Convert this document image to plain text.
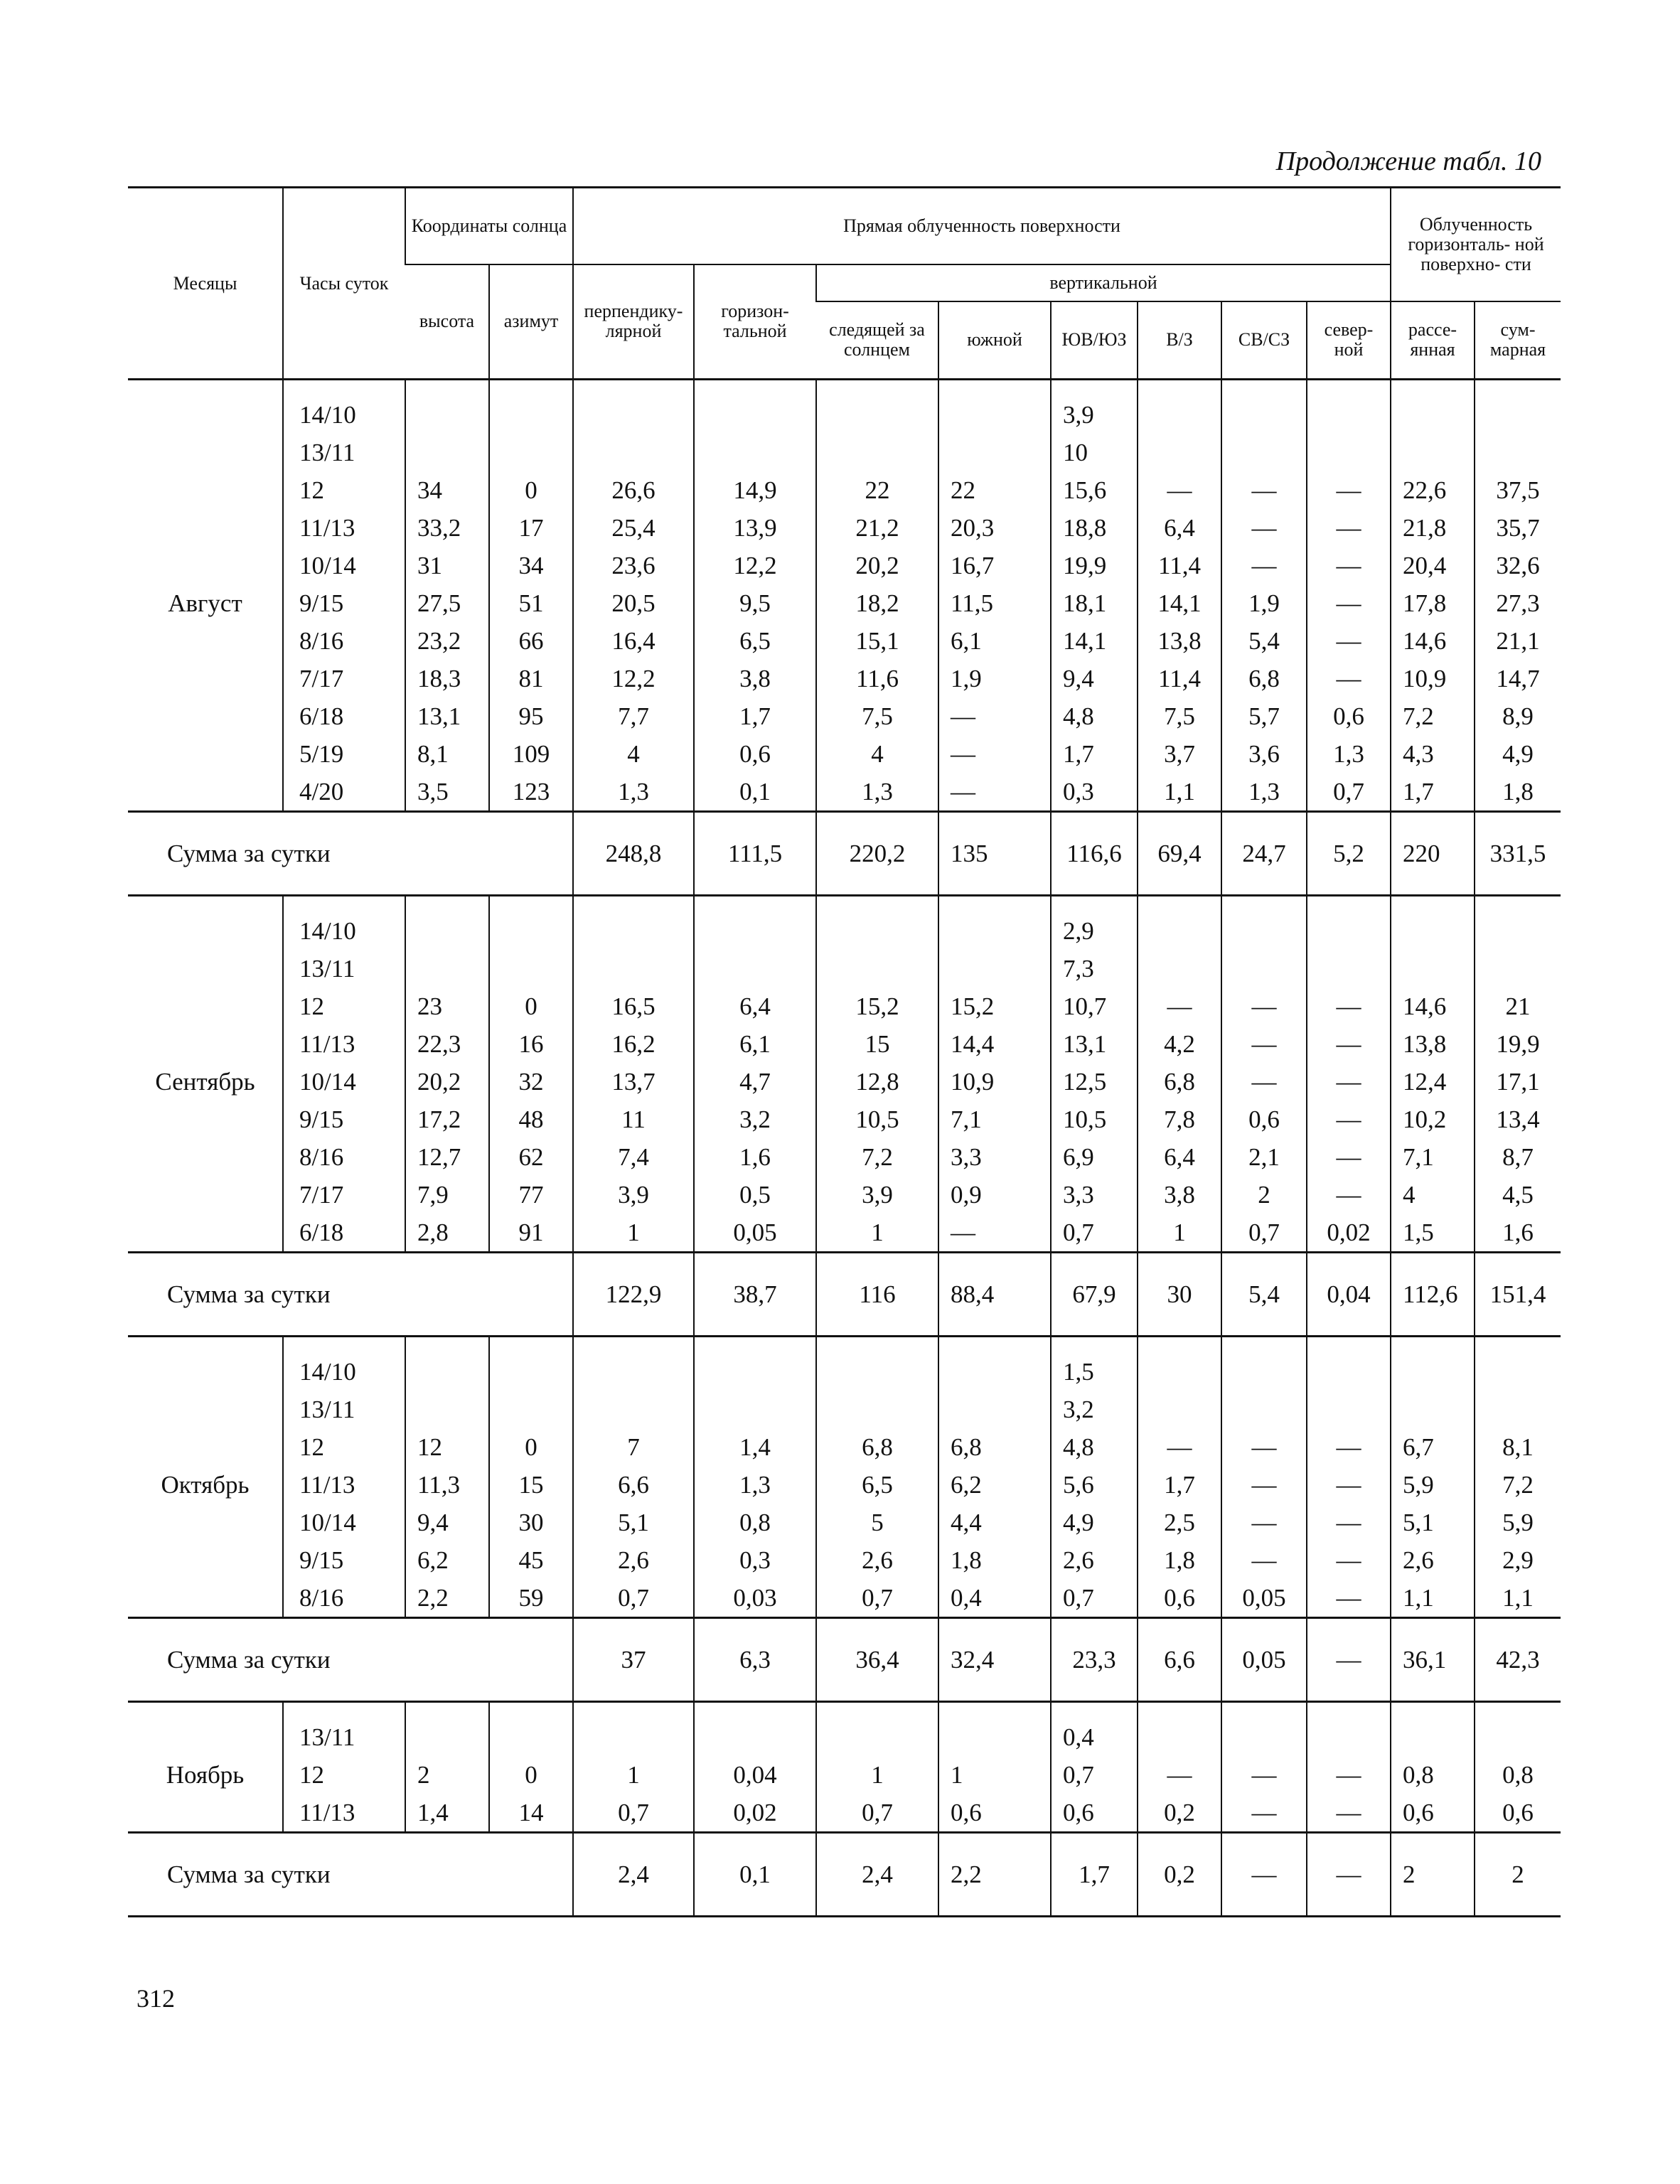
Продолжение табл. 10
Месяцы	Часы суток	Координаты солнца		Прямая облученность поверхности								Облученность горизонталь- ной поверхно- сти	
		высота	азимут	перпендику- лярной	горизон- тальной	вертикальной							
						следящей за солнцем	южной	ЮВ/ЮЗ	В/З	СВ/СЗ	север- ной	рассе- янная	сум- марная
Август	14/10							3,9					
	13/11							10					
	12	34	0	26,6	14,9	22	22	15,6	—	—	—	22,6	37,5
	11/13	33,2	17	25,4	13,9	21,2	20,3	18,8	6,4	—	—	21,8	35,7
	10/14	31	34	23,6	12,2	20,2	16,7	19,9	11,4	—	—	20,4	32,6
	9/15	27,5	51	20,5	9,5	18,2	11,5	18,1	14,1	1,9	—	17,8	27,3
	8/16	23,2	66	16,4	6,5	15,1	6,1	14,1	13,8	5,4	—	14,6	21,1
	7/17	18,3	81	12,2	3,8	11,6	1,9	9,4	11,4	6,8	—	10,9	14,7
	6/18	13,1	95	7,7	1,7	7,5	—	4,8	7,5	5,7	0,6	7,2	8,9
	5/19	8,1	109	4	0,6	4	—	1,7	3,7	3,6	1,3	4,3	4,9
	4/20	3,5	123	1,3	0,1	1,3	—	0,3	1,1	1,3	0,7	1,7	1,8
Сумма за сутки				248,8	111,5	220,2	135	116,6	69,4	24,7	5,2	220	331,5
Сентябрь	14/10							2,9					
	13/11							7,3					
	12	23	0	16,5	6,4	15,2	15,2	10,7	—	—	—	14,6	21
	11/13	22,3	16	16,2	6,1	15	14,4	13,1	4,2	—	—	13,8	19,9
	10/14	20,2	32	13,7	4,7	12,8	10,9	12,5	6,8	—	—	12,4	17,1
	9/15	17,2	48	11	3,2	10,5	7,1	10,5	7,8	0,6	—	10,2	13,4
	8/16	12,7	62	7,4	1,6	7,2	3,3	6,9	6,4	2,1	—	7,1	8,7
	7/17	7,9	77	3,9	0,5	3,9	0,9	3,3	3,8	2	—	4	4,5
	6/18	2,8	91	1	0,05	1	—	0,7	1	0,7	0,02	1,5	1,6
Сумма за сутки				122,9	38,7	116	88,4	67,9	30	5,4	0,04	112,6	151,4
Октябрь	14/10							1,5					
	13/11							3,2					
	12	12	0	7	1,4	6,8	6,8	4,8	—	—	—	6,7	8,1
	11/13	11,3	15	6,6	1,3	6,5	6,2	5,6	1,7	—	—	5,9	7,2
	10/14	9,4	30	5,1	0,8	5	4,4	4,9	2,5	—	—	5,1	5,9
	9/15	6,2	45	2,6	0,3	2,6	1,8	2,6	1,8	—	—	2,6	2,9
	8/16	2,2	59	0,7	0,03	0,7	0,4	0,7	0,6	0,05	—	1,1	1,1
Сумма за сутки				37	6,3	36,4	32,4	23,3	6,6	0,05	—	36,1	42,3
Ноябрь	13/11							0,4					
	12	2	0	1	0,04	1	1	0,7	—	—	—	0,8	0,8
	11/13	1,4	14	0,7	0,02	0,7	0,6	0,6	0,2	—	—	0,6	0,6
Сумма за сутки				2,4	0,1	2,4	2,2	1,7	0,2	—	—	2	2
312
